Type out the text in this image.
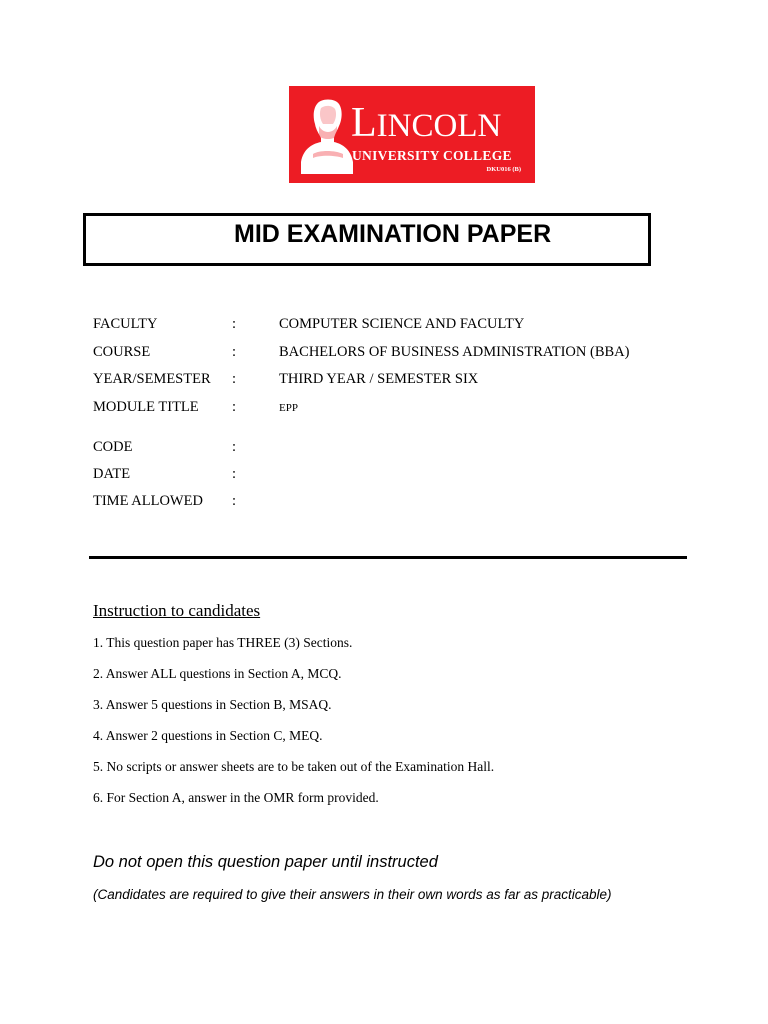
LINCOLN
UNIVERSITY COLLEGE
DKU016 (B)
MID EXAMINATION PAPER
FACULTY	:	COMPUTER SCIENCE AND FACULTY
COURSE	:	BACHELORS OF BUSINESS ADMINISTRATION (BBA)
YEAR/SEMESTER :	THIRD YEAR / SEMESTER SIX
MODULE TITLE :	EPP
CODE	:
DATE	:
TIME ALLOWED :
Instruction to candidates
1. This question paper has THREE (3) Sections.
2. Answer ALL questions in Section A, MCQ.
3. Answer 5 questions in Section B, MSAQ.
4. Answer 2 questions in Section C, MEQ.
5. No scripts or answer sheets are to be taken out of the Examination Hall.
6. For Section A, answer in the OMR form provided.
Do not open this question paper until instructed
(Candidates are required to give their answers in their own words as far as practicable)
